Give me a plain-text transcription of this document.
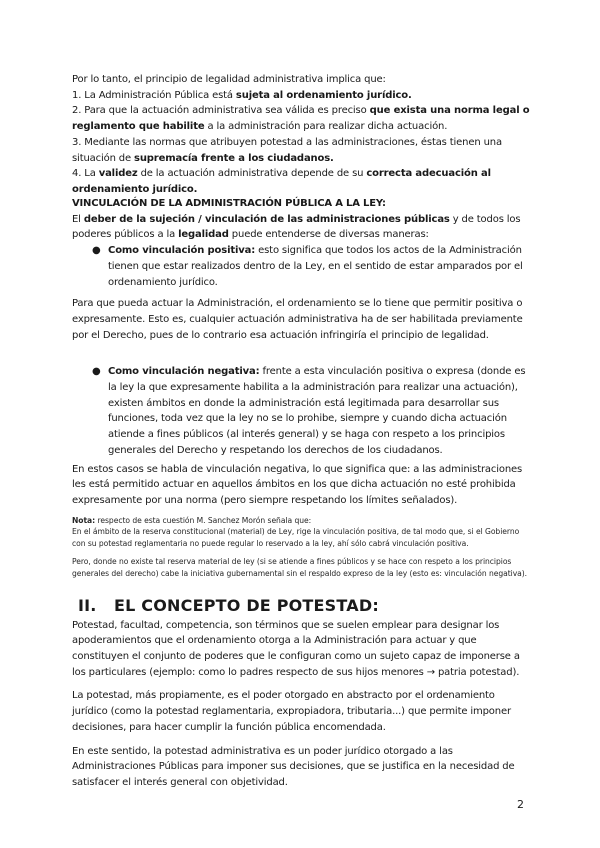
Por lo tanto, el principio de legalidad administrativa implica que:

1. La Administración Pública está sujeta al ordenamiento jurídico.

2. Para que la actuación administrativa sea válida es preciso que exista una norma legal o reglamento que habilite a la administración para realizar dicha actuación.

3. Mediante las normas que atribuyen potestad a las administraciones, éstas tienen una situación de supremacía frente a los ciudadanos.

4. La validez de la actuación administrativa depende de su correcta adecuación al ordenamiento jurídico.

VINCULACIÓN DE LA ADMINISTRACIÓN PÚBLICA A LA LEY:

El deber de la sujeción / vinculación de las administraciones públicas y de todos los poderes públicos a la legalidad puede entenderse de diversas maneras:

● Como vinculación positiva: esto significa que todos los actos de la Administración tienen que estar realizados dentro de la Ley, en el sentido de estar amparados por el ordenamiento jurídico.

Para que pueda actuar la Administración, el ordenamiento se lo tiene que permitir positiva o expresamente. Esto es, cualquier actuación administrativa ha de ser habilitada previamente por el Derecho, pues de lo contrario esa actuación infringiría el principio de legalidad.

● Como vinculación negativa: frente a esta vinculación positiva o expresa (donde es la ley la que expresamente habilita a la administración para realizar una actuación), existen ámbitos en donde la administración está legitimada para desarrollar sus funciones, toda vez que la ley no se lo prohibe, siempre y cuando dicha actuación atiende a fines públicos (al interés general) y se haga con respeto a los principios generales del Derecho y respetando los derechos de los ciudadanos.

En estos casos se habla de vinculación negativa, lo que significa que: a las administraciones les está permitido actuar en aquellos ámbitos en los que dicha actuación no esté prohibida expresamente por una norma (pero siempre respetando los límites señalados).

Nota: respecto de esta cuestión M. Sanchez Morón señala que:

En el ámbito de la reserva constitucional (material) de Ley, rige la vinculación positiva, de tal modo que, si el Gobierno con su potestad reglamentaria no puede regular lo reservado a la ley, ahí sólo cabrá vinculación positiva.

Pero, donde no existe tal reserva material de ley (si se atiende a fines públicos y se hace con respeto a los principios generales del derecho) cabe la iniciativa gubernamental sin el respaldo expreso de la ley (esto es: vinculación negativa).

II. EL CONCEPTO DE POTESTAD:

Potestad, facultad, competencia, son términos que se suelen emplear para designar los apoderamientos que el ordenamiento otorga a la Administración para actuar y que constituyen el conjunto de poderes que le configuran como un sujeto capaz de imponerse a los particulares (ejemplo: como lo padres respecto de sus hijos menores → patria potestad).

La potestad, más propiamente, es el poder otorgado en abstracto por el ordenamiento jurídico (como la potestad reglamentaria, expropiadora, tributaria...) que permite imponer decisiones, para hacer cumplir la función pública encomendada.

En este sentido, la potestad administrativa es un poder jurídico otorgado a las Administraciones Públicas para imponer sus decisiones, que se justifica en la necesidad de satisfacer el interés general con objetividad.

2
